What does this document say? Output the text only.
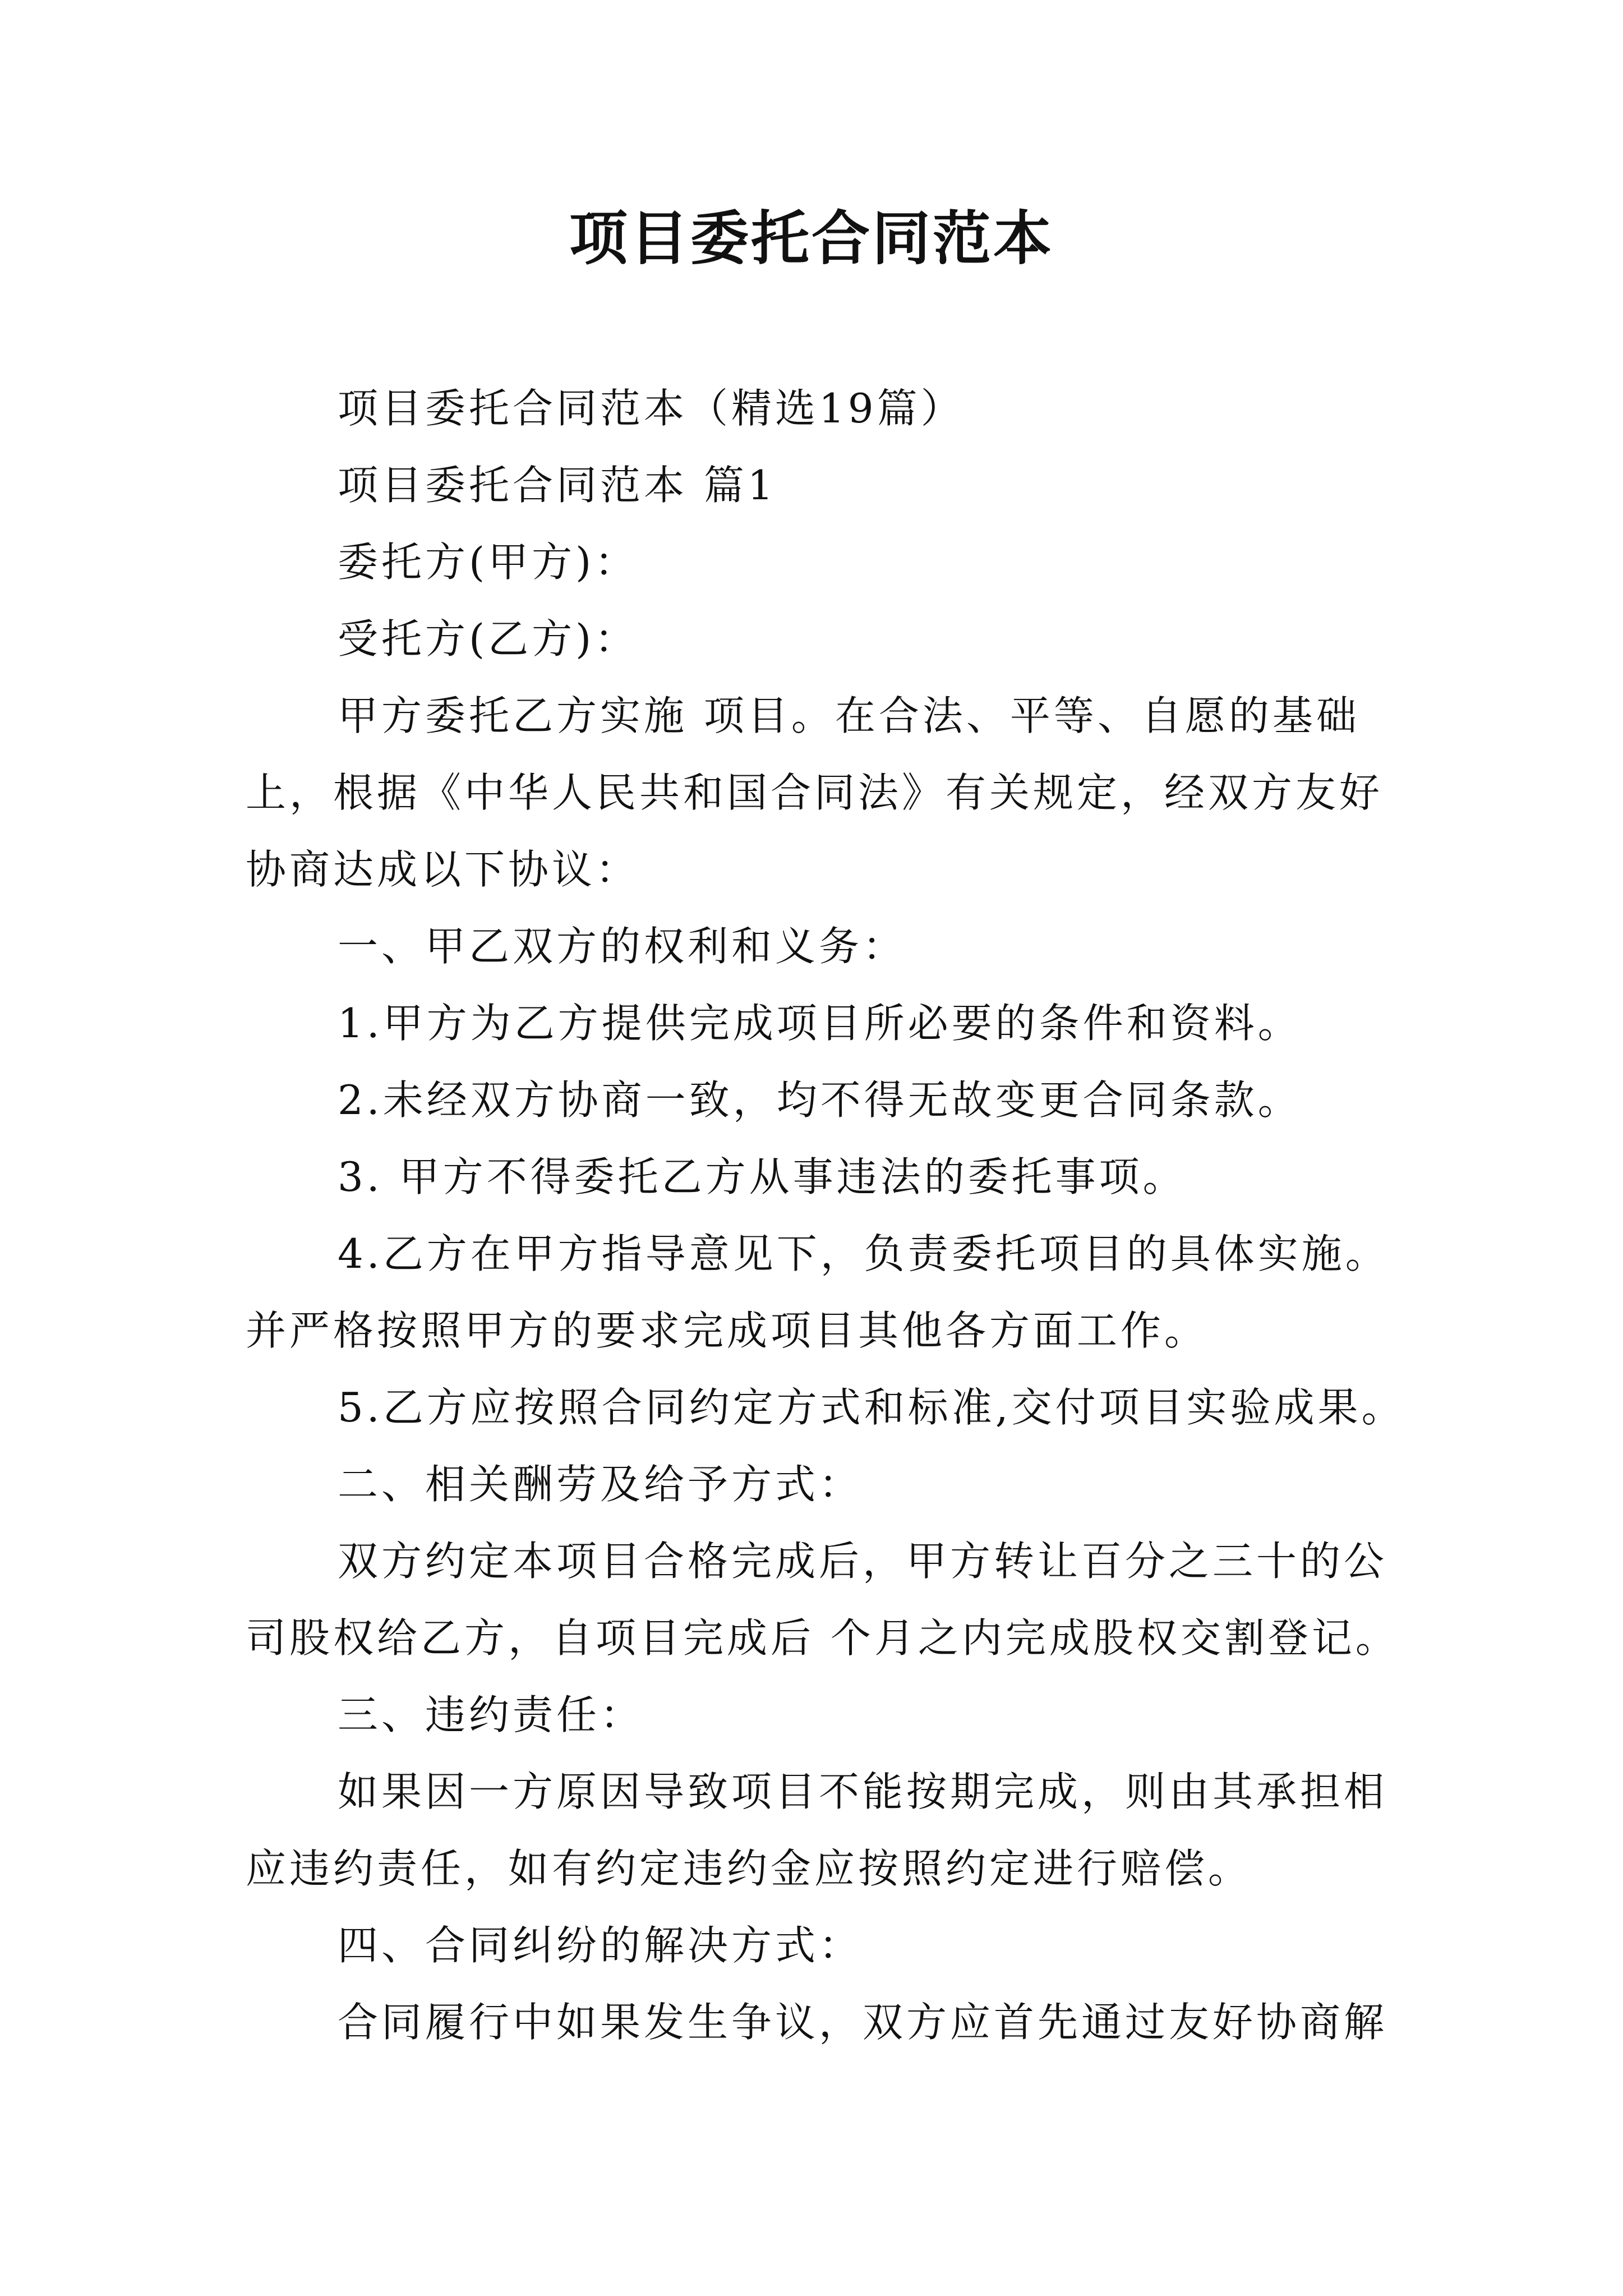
项目委托合同范本

项目委托合同范本（精选19篇）

项目委托合同范本 篇1

委托方(甲方)：

受托方(乙方)：

甲方委托乙方实施 项目。在合法、平等、自愿的基础
上，根据《中华人民共和国合同法》有关规定，经双方友好
协商达成以下协议：

一、甲乙双方的权利和义务：

1.甲方为乙方提供完成项目所必要的条件和资料。

2.未经双方协商一致，均不得无故变更合同条款。

3. 甲方不得委托乙方从事违法的委托事项。

4.乙方在甲方指导意见下，负责委托项目的具体实施。
并严格按照甲方的要求完成项目其他各方面工作。

5.乙方应按照合同约定方式和标准,交付项目实验成果。

二、相关酬劳及给予方式：

双方约定本项目合格完成后，甲方转让百分之三十的公
司股权给乙方，自项目完成后 个月之内完成股权交割登记。

三、违约责任：

如果因一方原因导致项目不能按期完成，则由其承担相
应违约责任，如有约定违约金应按照约定进行赔偿。

四、合同纠纷的解决方式：

合同履行中如果发生争议，双方应首先通过友好协商解
